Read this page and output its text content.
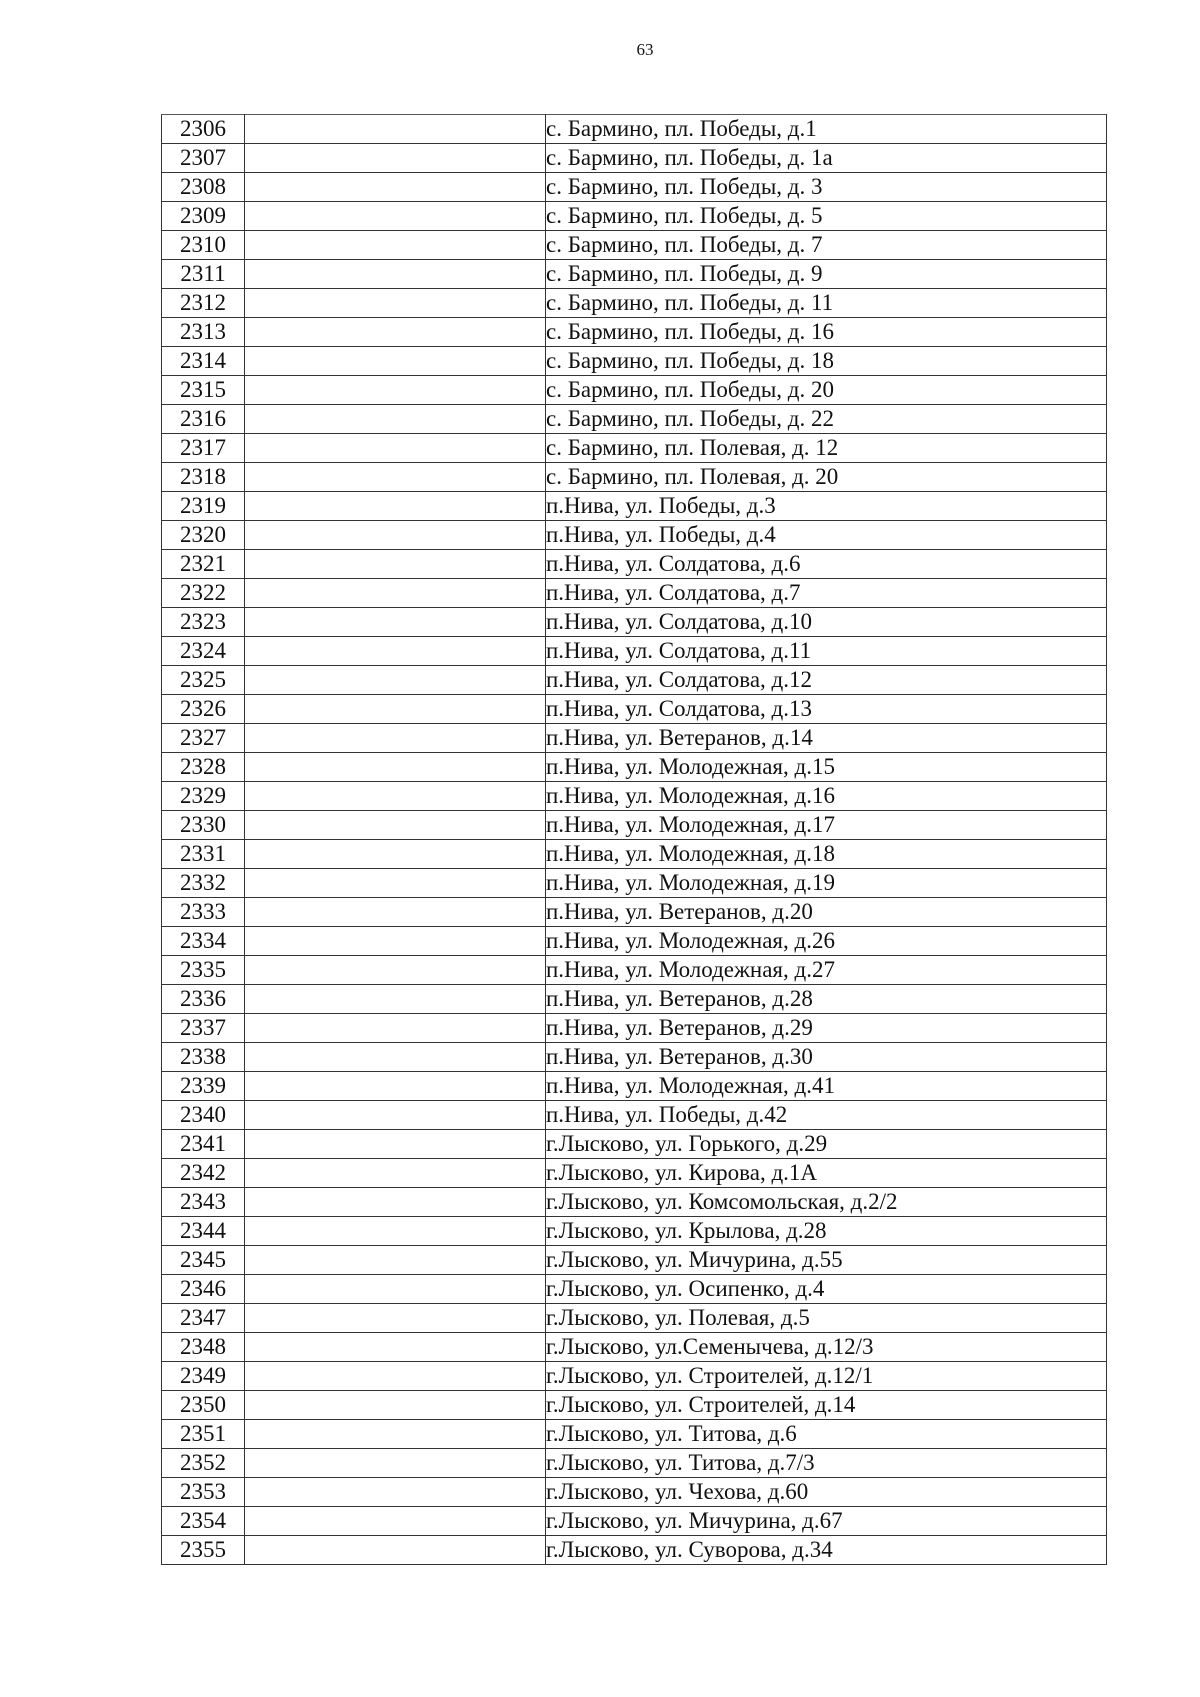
63
2306		с. Бармино, пл. Победы, д.1
2307		с. Бармино, пл. Победы, д. 1а
2308		с. Бармино, пл. Победы, д. 3
2309		с. Бармино, пл. Победы, д. 5
2310		с. Бармино, пл. Победы, д. 7
2311		с. Бармино, пл. Победы, д. 9
2312		с. Бармино, пл. Победы, д. 11
2313		с. Бармино, пл. Победы, д. 16
2314		с. Бармино, пл. Победы, д. 18
2315		с. Бармино, пл. Победы, д. 20
2316		с. Бармино, пл. Победы, д. 22
2317		с. Бармино, пл. Полевая, д. 12
2318		с. Бармино, пл. Полевая, д. 20
2319		п.Нива, ул. Победы, д.3
2320		п.Нива, ул. Победы, д.4
2321		п.Нива, ул. Солдатова, д.6
2322		п.Нива, ул. Солдатова, д.7
2323		п.Нива, ул. Солдатова, д.10
2324		п.Нива, ул. Солдатова, д.11
2325		п.Нива, ул. Солдатова, д.12
2326		п.Нива, ул. Солдатова, д.13
2327		п.Нива, ул. Ветеранов, д.14
2328		п.Нива, ул. Молодежная, д.15
2329		п.Нива, ул. Молодежная, д.16
2330		п.Нива, ул. Молодежная, д.17
2331		п.Нива, ул. Молодежная, д.18
2332		п.Нива, ул. Молодежная, д.19
2333		п.Нива, ул. Ветеранов, д.20
2334		п.Нива, ул. Молодежная, д.26
2335		п.Нива, ул. Молодежная, д.27
2336		п.Нива, ул. Ветеранов, д.28
2337		п.Нива, ул. Ветеранов, д.29
2338		п.Нива, ул. Ветеранов, д.30
2339		п.Нива, ул. Молодежная, д.41
2340		п.Нива, ул. Победы, д.42
2341		г.Лысково, ул. Горького, д.29
2342		г.Лысково, ул. Кирова, д.1А
2343		г.Лысково, ул. Комсомольская, д.2/2
2344		г.Лысково, ул. Крылова, д.28
2345		г.Лысково, ул. Мичурина, д.55
2346		г.Лысково, ул. Осипенко, д.4
2347		г.Лысково, ул. Полевая, д.5
2348		г.Лысково, ул.Семенычева, д.12/3
2349		г.Лысково, ул. Строителей, д.12/1
2350		г.Лысково, ул. Строителей, д.14
2351		г.Лысково, ул. Титова, д.6
2352		г.Лысково, ул. Титова, д.7/3
2353		г.Лысково, ул. Чехова, д.60
2354		г.Лысково, ул. Мичурина, д.67
2355		г.Лысково, ул. Суворова, д.34
